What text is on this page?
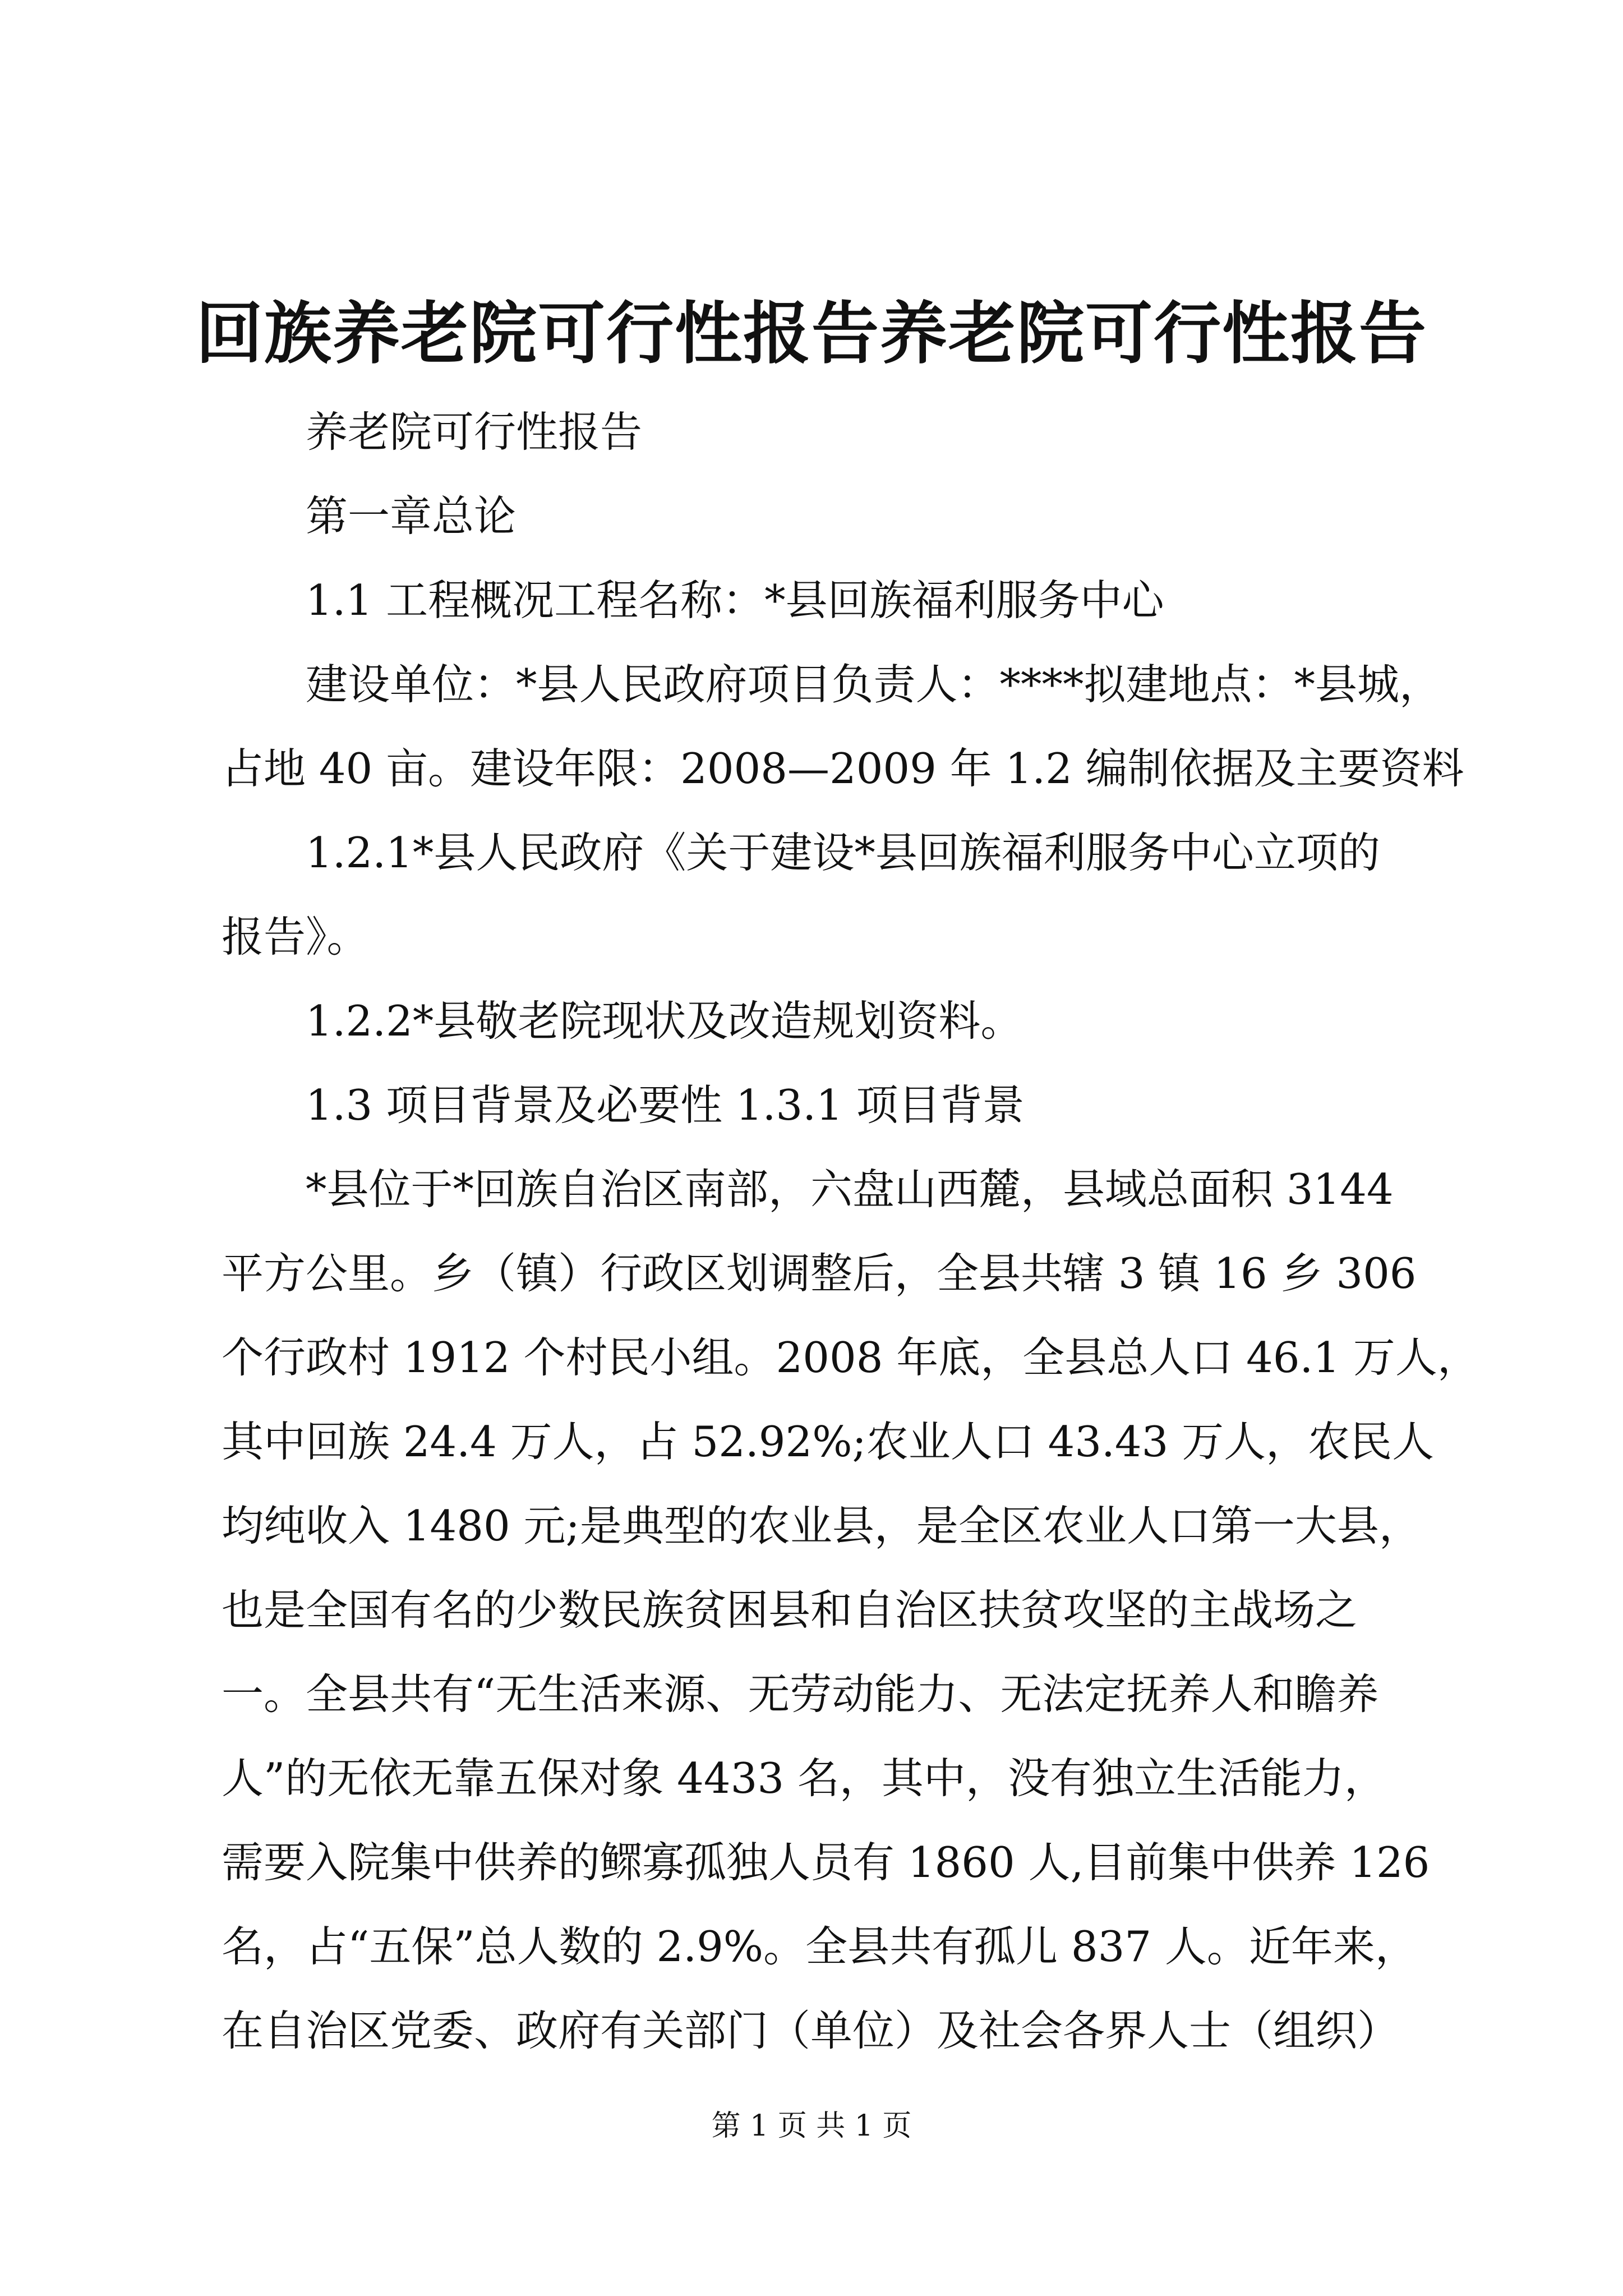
回族养老院可行性报告养老院可行性报告
养老院可行性报告
第一章总论
1.1 工程概况工程名称：*县回族福利服务中心
建设单位：*县人民政府项目负责人：****拟建地点：*县城，
占地 40 亩。建设年限：2008—2009 年 1.2 编制依据及主要资料
1.2.1*县人民政府《关于建设*县回族福利服务中心立项的
报告》。
1.2.2*县敬老院现状及改造规划资料。
1.3 项目背景及必要性 1.3.1 项目背景
*县位于*回族自治区南部，六盘山西麓，县域总面积 3144
平方公里。乡（镇）行政区划调整后，全县共辖 3 镇 16 乡 306
个行政村 1912 个村民小组。2008 年底，全县总人口 46.1 万人，
其中回族 24.4 万人，占 52.92%;农业人口 43.43 万人，农民人
均纯收入 1480 元;是典型的农业县，是全区农业人口第一大县，
也是全国有名的少数民族贫困县和自治区扶贫攻坚的主战场之
一。全县共有“无生活来源、无劳动能力、无法定抚养人和瞻养
人”的无依无靠五保对象 4433 名，其中，没有独立生活能力，
需要入院集中供养的鳏寡孤独人员有 1860 人,目前集中供养 126
名，占“五保”总人数的 2.9%。全县共有孤儿 837 人。近年来，
在自治区党委、政府有关部门（单位）及社会各界人士（组织）
第 1 页 共 1 页
